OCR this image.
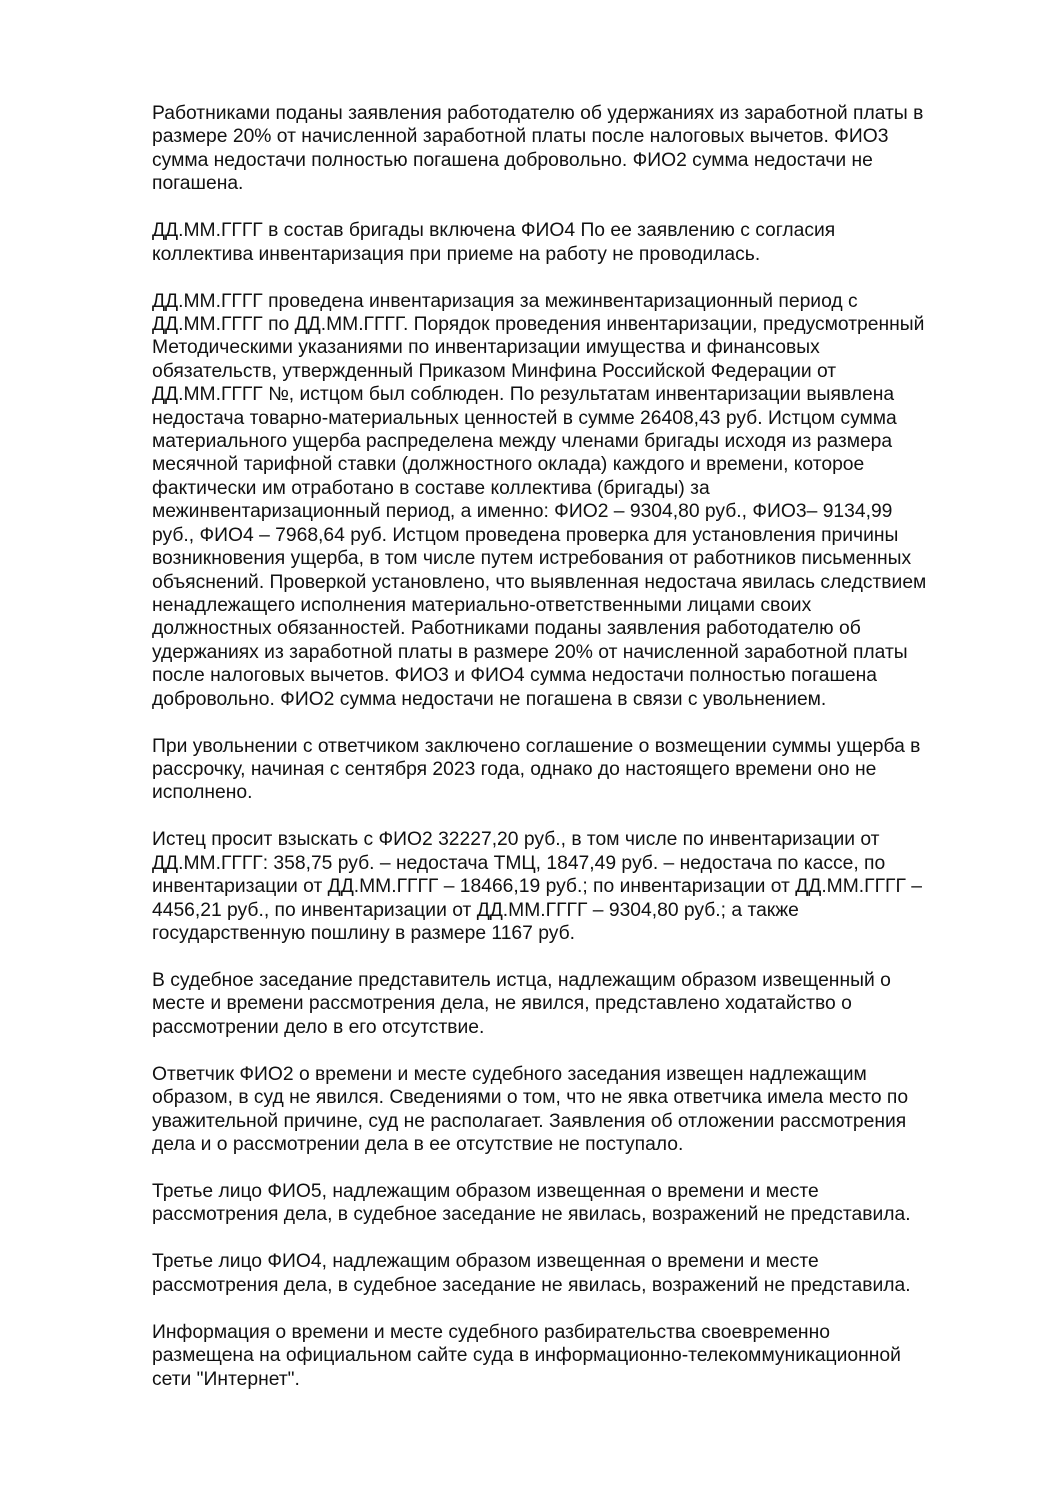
Работниками поданы заявления работодателю об удержаниях из заработной платы в
размере 20% от начисленной заработной платы после налоговых вычетов. ФИО3
сумма недостачи полностью погашена добровольно. ФИО2 сумма недостачи не
погашена.
ДД.ММ.ГГГГ в состав бригады включена ФИО4 По ее заявлению с согласия
коллектива инвентаризация при приеме на работу не проводилась.
ДД.ММ.ГГГГ проведена инвентаризация за межинвентаризационный период с
ДД.ММ.ГГГГ по ДД.ММ.ГГГГ. Порядок проведения инвентаризации, предусмотренный
Методическими указаниями по инвентаризации имущества и финансовых
обязательств, утвержденный Приказом Минфина Российской Федерации от
ДД.ММ.ГГГГ №, истцом был соблюден. По результатам инвентаризации выявлена
недостача товарно-материальных ценностей в сумме 26408,43 руб. Истцом сумма
материального ущерба распределена между членами бригады исходя из размера
месячной тарифной ставки (должностного оклада) каждого и времени, которое
фактически им отработано в составе коллектива (бригады) за
межинвентаризационный период, а именно: ФИО2 – 9304,80 руб., ФИО3– 9134,99
руб., ФИО4 – 7968,64 руб. Истцом проведена проверка для установления причины
возникновения ущерба, в том числе путем истребования от работников письменных
объяснений. Проверкой установлено, что выявленная недостача явилась следствием
ненадлежащего исполнения материально-ответственными лицами своих
должностных обязанностей. Работниками поданы заявления работодателю об
удержаниях из заработной платы в размере 20% от начисленной заработной платы
после налоговых вычетов. ФИО3 и ФИО4 сумма недостачи полностью погашена
добровольно. ФИО2 сумма недостачи не погашена в связи с увольнением.
При увольнении с ответчиком заключено соглашение о возмещении суммы ущерба в
рассрочку, начиная с сентября 2023 года, однако до настоящего времени оно не
исполнено.
Истец просит взыскать с ФИО2 32227,20 руб., в том числе по инвентаризации от
ДД.ММ.ГГГГ: 358,75 руб. – недостача ТМЦ, 1847,49 руб. – недостача по кассе, по
инвентаризации от ДД.ММ.ГГГГ – 18466,19 руб.; по инвентаризации от ДД.ММ.ГГГГ –
4456,21 руб., по инвентаризации от ДД.ММ.ГГГГ – 9304,80 руб.; а также
государственную пошлину в размере 1167 руб.
В судебное заседание представитель истца, надлежащим образом извещенный о
месте и времени рассмотрения дела, не явился, представлено ходатайство о
рассмотрении дело в его отсутствие.
Ответчик ФИО2 о времени и месте судебного заседания извещен надлежащим
образом, в суд не явился. Сведениями о том, что не явка ответчика имела место по
уважительной причине, суд не располагает. Заявления об отложении рассмотрения
дела и о рассмотрении дела в ее отсутствие не поступало.
Третье лицо ФИО5, надлежащим образом извещенная о времени и месте
рассмотрения дела, в судебное заседание не явилась, возражений не представила.
Третье лицо ФИО4, надлежащим образом извещенная о времени и месте
рассмотрения дела, в судебное заседание не явилась, возражений не представила.
Информация о времени и месте судебного разбирательства своевременно
размещена на официальном сайте суда в информационно-телекоммуникационной
сети "Интернет".
